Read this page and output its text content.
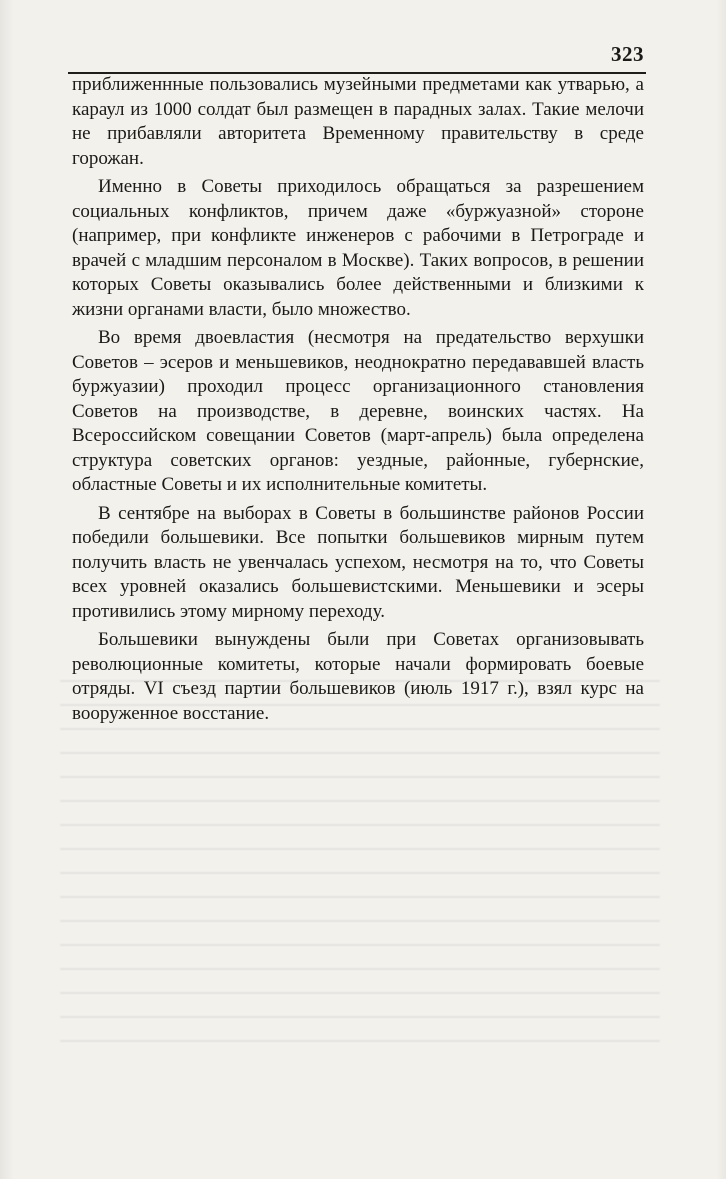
323

приближеннные пользовались музейными предметами как утварью, а караул из 1000 солдат был размещен в парадных залах. Такие мелочи не прибавляли авторитета Временному правительству в среде горожан.

Именно в Советы приходилось обращаться за разрешением социальных конфликтов, причем даже «буржуазной» стороне (например, при конфликте инженеров с рабочими в Петрограде и врачей с младшим персоналом в Москве). Таких вопросов, в решении которых Советы оказывались более действенными и близкими к жизни органами власти, было множество.

Во время двоевластия (несмотря на предательство верхушки Советов – эсеров и меньшевиков, неоднократно передававшей власть буржуазии) проходил процесс организационного становления Советов на производстве, в деревне, воинских частях. На Всероссийском совещании Советов (март-апрель) была определена структура советских органов: уездные, районные, губернские, областные Советы и их исполнительные комитеты.

В сентябре на выборах в Советы в большинстве районов России победили большевики. Все попытки большевиков мирным путем получить власть не увенчалась успехом, несмотря на то, что Советы всех уровней оказались большевистскими. Меньшевики и эсеры противились этому мирному переходу.

Большевики вынуждены были при Советах организовывать революционные комитеты, которые начали формировать боевые отряды. VI съезд партии большевиков (июль 1917 г.), взял курс на вооруженное восстание.
